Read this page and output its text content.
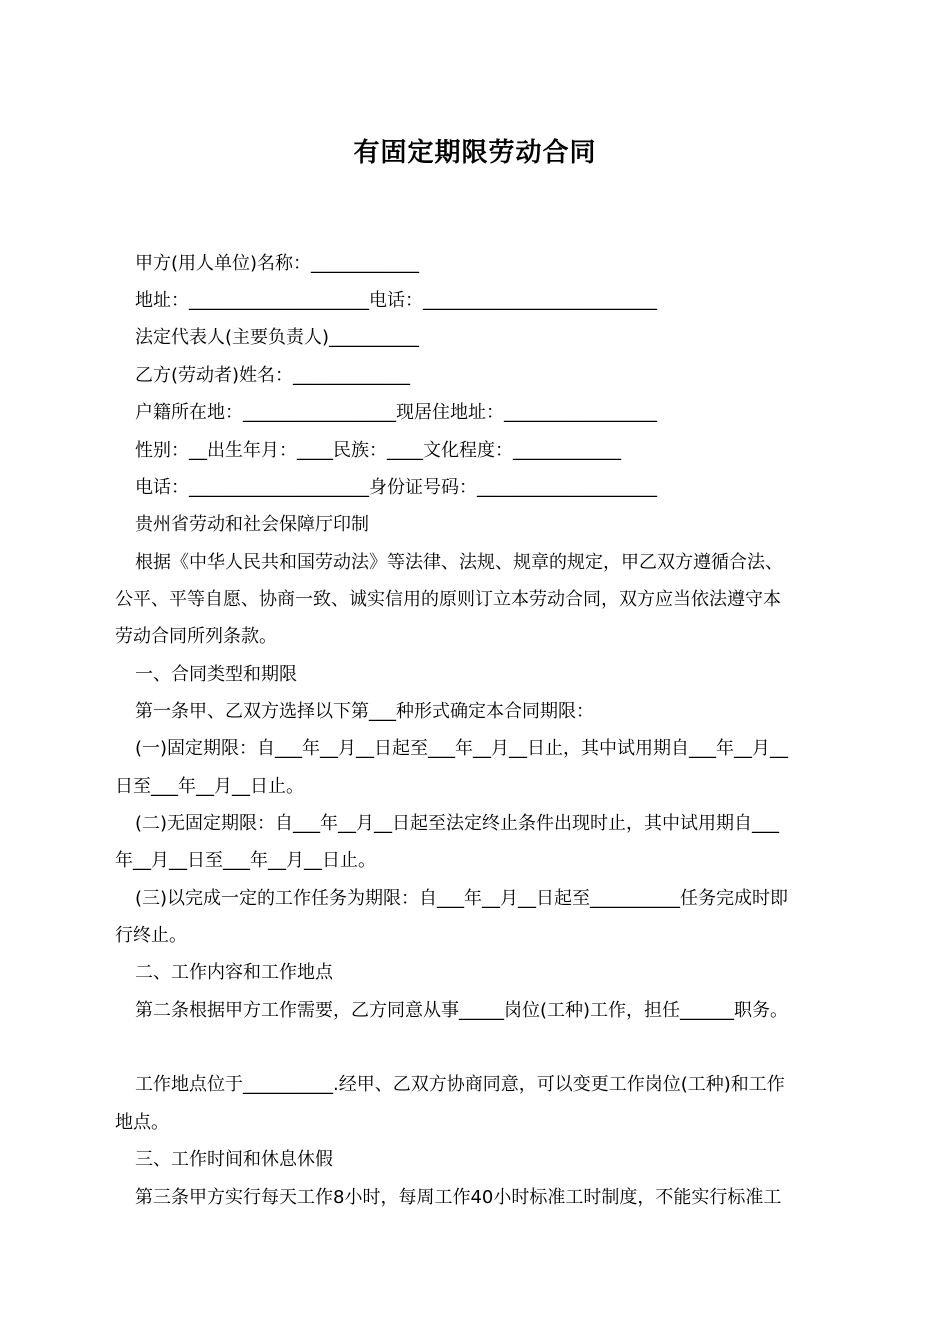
有固定期限劳动合同
甲方(用人单位)名称：____________
地址：____________________电话：__________________________
法定代表人(主要负责人)__________
乙方(劳动者)姓名：_____________
户籍所在地：_________________现居住地址：_________________
性别：__出生年月：____民族：____文化程度：____________
电话：____________________身份证号码：____________________
贵州省劳动和社会保障厅印制
根据《中华人民共和国劳动法》等法律、法规、规章的规定，甲乙双方遵循合法、
公平、平等自愿、协商一致、诚实信用的原则订立本劳动合同，双方应当依法遵守本
劳动合同所列条款。
一、合同类型和期限
第一条甲、乙双方选择以下第___种形式确定本合同期限：
(一)固定期限：自___年__月__日起至___年__月__日止，其中试用期自___年__月__
日至___年__月__日止。
(二)无固定期限：自___年__月__日起至法定终止条件出现时止，其中试用期自___
年__月__日至___年__月__日止。
(三)以完成一定的工作任务为期限：自___年__月__日起至__________任务完成时即
行终止。
二、工作内容和工作地点
第二条根据甲方工作需要，乙方同意从事_____岗位(工种)工作，担任______职务。
工作地点位于__________.经甲、乙双方协商同意，可以变更工作岗位(工种)和工作
地点。
三、工作时间和休息休假
第三条甲方实行每天工作8小时，每周工作40小时标准工时制度，不能实行标准工
